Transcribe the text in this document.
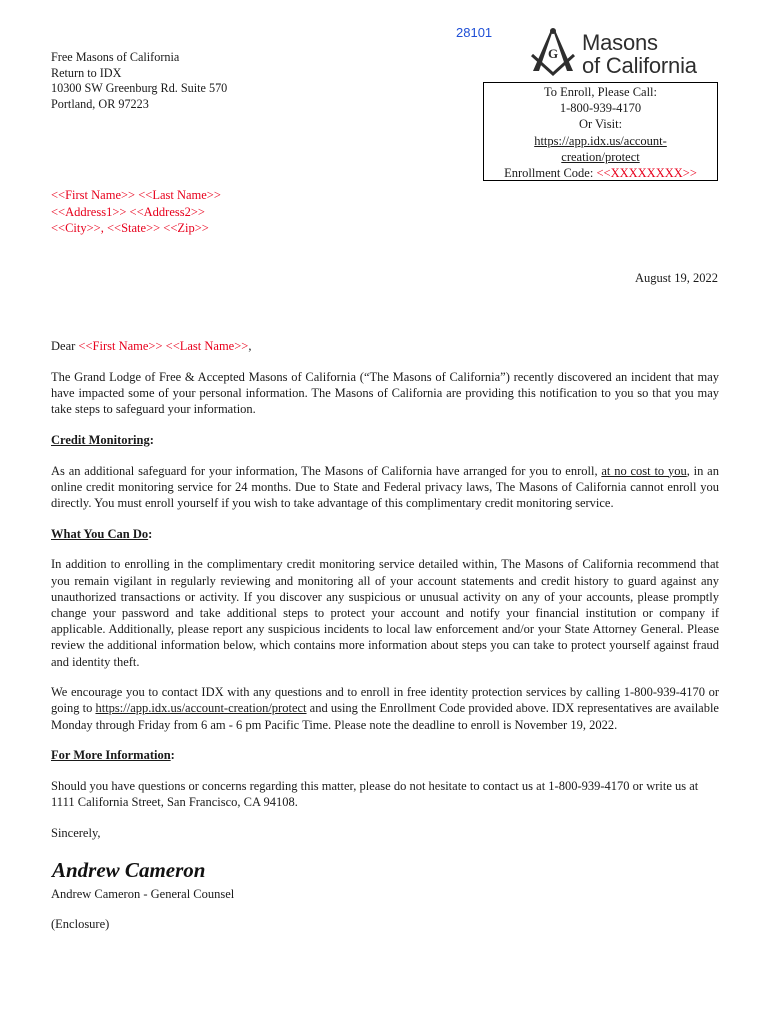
28101
Free Masons of California
Return to IDX
10300 SW Greenburg Rd. Suite 570
Portland, OR 97223
G Masons
of California
To Enroll, Please Call:
1-800-939-4170
Or Visit:
https://app.idx.us/account-
creation/protect
Enrollment Code: <<XXXXXXXX>>
<<First Name>> <<Last Name>>
<<Address1>> <<Address2>>
<<City>>, <<State>> <<Zip>>
August 19, 2022

Dear <<First Name>> <<Last Name>>,

The Grand Lodge of Free & Accepted Masons of California (“The Masons of California”) recently discovered an incident that may have impacted some of your personal information. The Masons of California are providing this notification to you so that you may take steps to safeguard your information.

Credit Monitoring:

As an additional safeguard for your information, The Masons of California have arranged for you to enroll, at no cost to you, in an online credit monitoring service for 24 months. Due to State and Federal privacy laws, The Masons of California cannot enroll you directly. You must enroll yourself if you wish to take advantage of this complimentary credit monitoring service.

What You Can Do:

In addition to enrolling in the complimentary credit monitoring service detailed within, The Masons of California recommend that you remain vigilant in regularly reviewing and monitoring all of your account statements and credit history to guard against any unauthorized transactions or activity. If you discover any suspicious or unusual activity on any of your accounts, please promptly change your password and take additional steps to protect your account and notify your financial institution or company if applicable. Additionally, please report any suspicious incidents to local law enforcement and/or your State Attorney General. Please review the additional information below, which contains more information about steps you can take to protect yourself against fraud and identity theft.

We encourage you to contact IDX with any questions and to enroll in free identity protection services by calling 1-800-939-4170 or going to https://app.idx.us/account-creation/protect and using the Enrollment Code provided above. IDX representatives are available Monday through Friday from 6 am - 6 pm Pacific Time. Please note the deadline to enroll is November 19, 2022.

For More Information:

Should you have questions or concerns regarding this matter, please do not hesitate to contact us at 1-800-939-4170 or write us at 1111 California Street, San Francisco, CA 94108.

Sincerely,

Andrew Cameron

Andrew Cameron - General Counsel

(Enclosure)
